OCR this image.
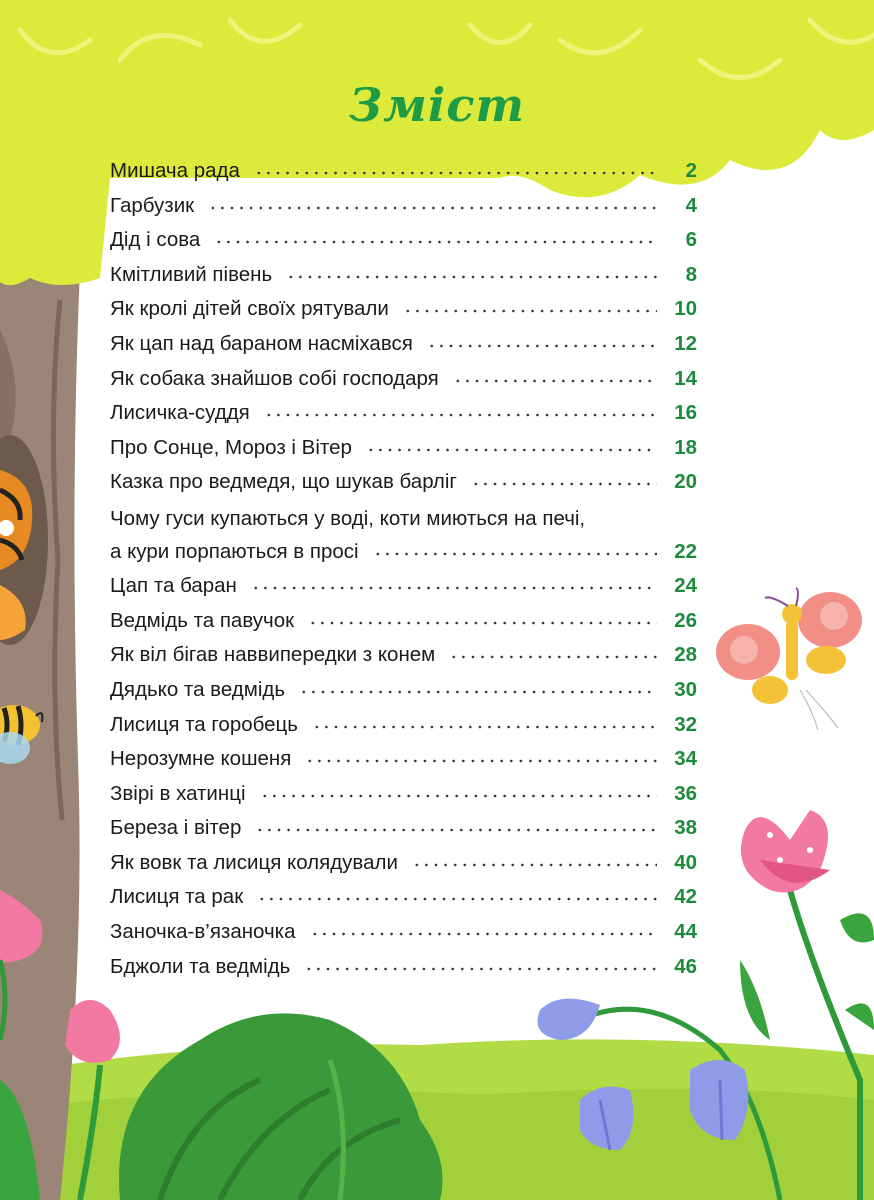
Зміст
Мишача рада	2
Гарбузик	4
Дід і сова	6
Кмітливий півень	8
Як кролі дітей своїх рятували	10
Як цап над бараном насміхався	12
Як собака знайшов собі господаря	14
Лисичка-суддя	16
Про Сонце, Мороз і Вітер	18
Казка про ведмедя, що шукав барліг	20
Чому гуси купаються у воді, коти миються на печі,
а кури порпаються в просі	22
Цап та баран	24
Ведмідь та павучок	26
Як віл бігав наввипередки з конем	28
Дядько та ведмідь	30
Лисиця та горобець	32
Нерозумне кошеня	34
Звірі в хатинці	36
Береза і вітер	38
Як вовк та лисиця колядували	40
Лисиця та рак	42
Заночка-в’язаночка	44
Бджоли та ведмідь	46
